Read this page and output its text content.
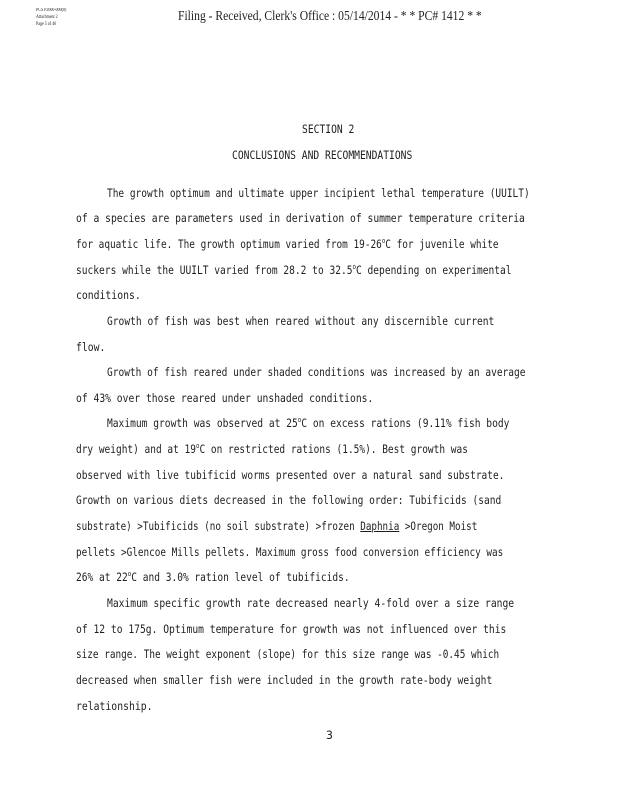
PCS P2000-000(0)
Attachment 2
Page 5 of 46
Filing - Received, Clerk's Office : 05/14/2014 - * * PC# 1412 * *
SECTION 2
CONCLUSIONS AND RECOMMENDATIONS
The growth optimum and ultimate upper incipient lethal temperature (UUILT)
of a species are parameters used in derivation of summer temperature criteria
for aquatic life. The growth optimum varied from 19-26$^o$C for juvenile white
suckers while the UUILT varied from 28.2 to 32.5$^o$C depending on experimental
conditions.
Growth of fish was best when reared without any discernible current
flow.
Growth of fish reared under shaded conditions was increased by an average
of 43% over those reared under unshaded conditions.
Maximum growth was observed at 25$^o$C on excess rations (9.11% fish body
dry weight) and at 19$^o$C on restricted rations (1.5%). Best growth was
observed with live tubificid worms presented over a natural sand substrate.
Growth on various diets decreased in the following order: Tubificids (sand
substrate) >Tubificids (no soil substrate) >frozen Daphnia >Oregon Moist
pellets >Glencoe Mills pellets. Maximum gross food conversion efficiency was
26% at 22$^o$C and 3.0% ration level of tubificids.
Maximum specific growth rate decreased nearly 4-fold over a size range
of 12 to 175g. Optimum temperature for growth was not influenced over this
size range. The weight exponent (slope) for this size range was -0.45 which
decreased when smaller fish were included in the growth rate-body weight
relationship.
3
